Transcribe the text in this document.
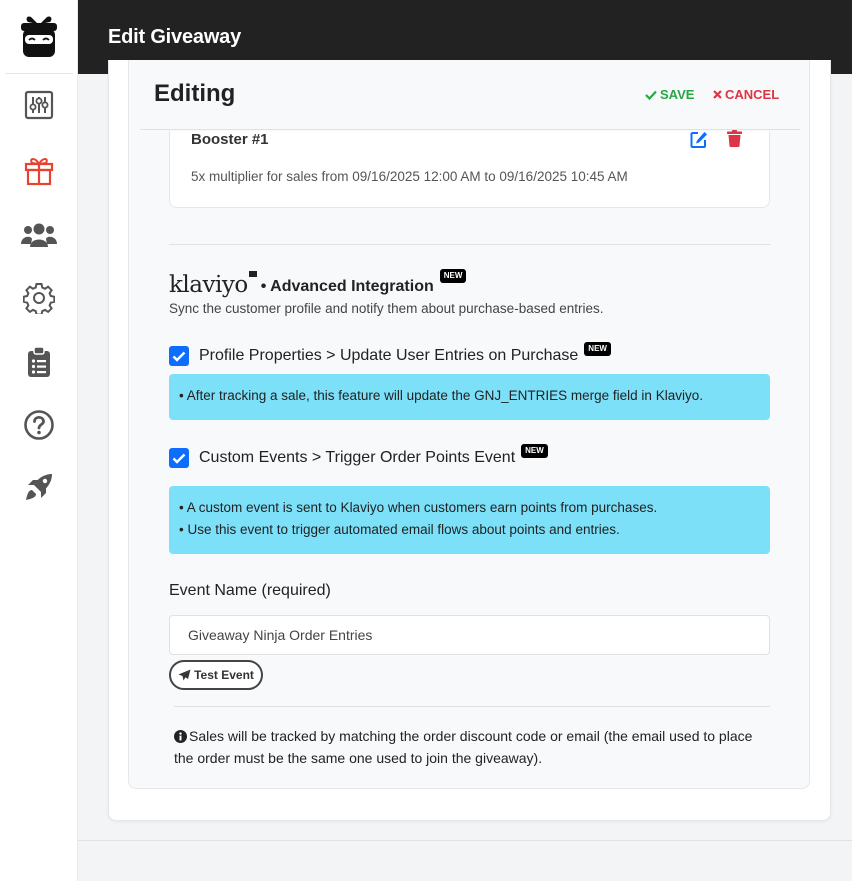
Edit Giveaway
Editing	SAVE CANCEL
Booster #1
5x multiplier for sales from 09/16/2025 12:00 AM to 09/16/2025 10:45 AM
klaviyo • Advanced Integration
NEW
Sync the customer profile and notify them about purchase-based entries.
Profile Properties > Update User Entries on Purchase	NEW
• After tracking a sale, this feature will update the GNJ_ENTRIES merge field in Klaviyo.
Custom Events > Trigger Order Points Event	NEW
• A custom event is sent to Klaviyo when customers earn points from purchases.
• Use this event to trigger automated email flows about points and entries.
Event Name (required)
Giveaway Ninja Order Entries
Test Event
Sales will be tracked by matching the order discount code or email (the email used to place the order must be the same one used to join the giveaway).
